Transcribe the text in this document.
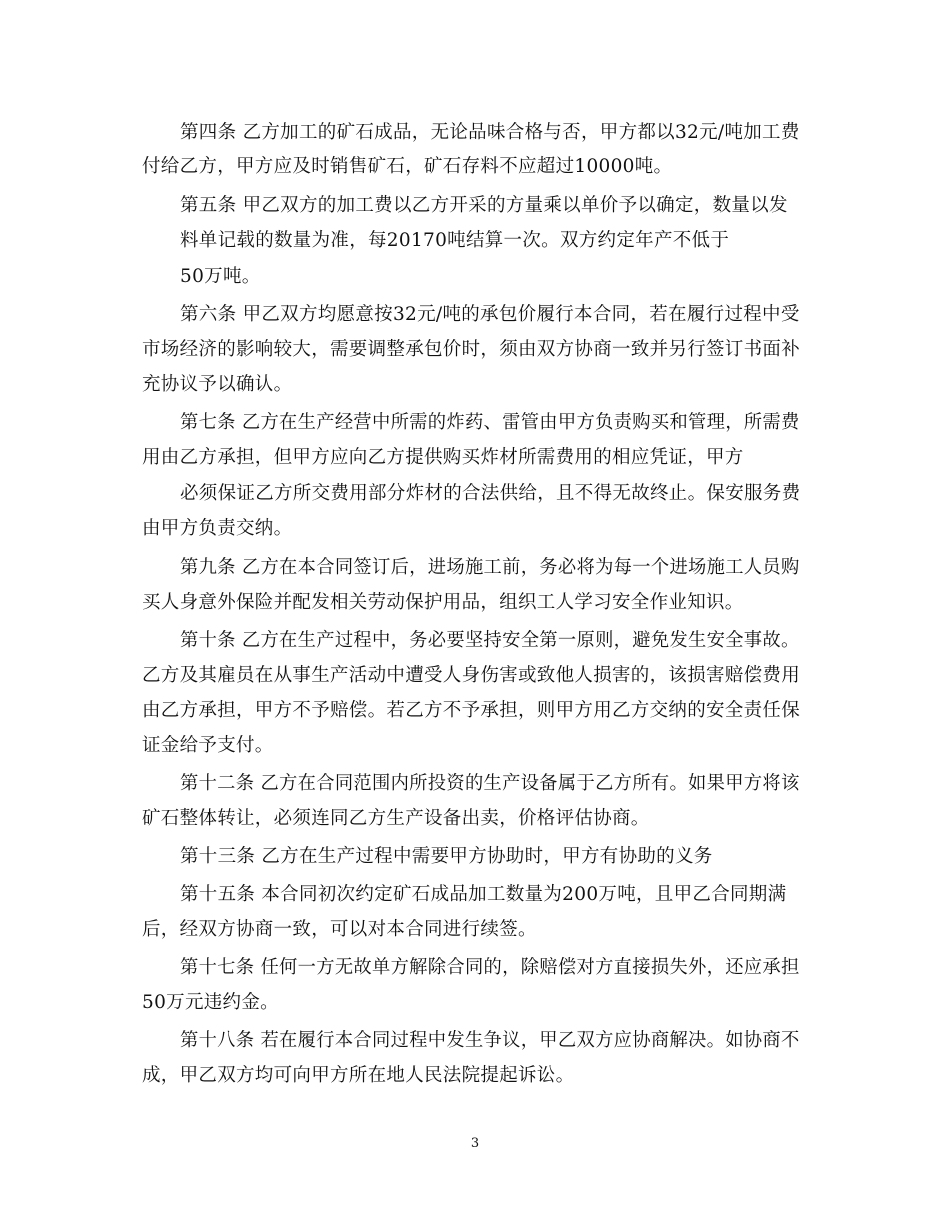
第四条 乙方加工的矿石成品，无论品味合格与否，甲方都以32元/吨加工费
付给乙方，甲方应及时销售矿石，矿石存料不应超过10000吨。
第五条 甲乙双方的加工费以乙方开采的方量乘以单价予以确定，数量以发
料单记载的数量为准，每20170吨结算一次。双方约定年产不低于
50万吨。
第六条 甲乙双方均愿意按32元/吨的承包价履行本合同，若在履行过程中受
市场经济的影响较大，需要调整承包价时，须由双方协商一致并另行签订书面补
充协议予以确认。
第七条 乙方在生产经营中所需的炸药、雷管由甲方负责购买和管理，所需费
用由乙方承担，但甲方应向乙方提供购买炸材所需费用的相应凭证，甲方
必须保证乙方所交费用部分炸材的合法供给，且不得无故终止。保安服务费
由甲方负责交纳。
第九条 乙方在本合同签订后，进场施工前，务必将为每一个进场施工人员购
买人身意外保险并配发相关劳动保护用品，组织工人学习安全作业知识。
第十条 乙方在生产过程中，务必要坚持安全第一原则，避免发生安全事故。
乙方及其雇员在从事生产活动中遭受人身伤害或致他人损害的，该损害赔偿费用
由乙方承担，甲方不予赔偿。若乙方不予承担，则甲方用乙方交纳的安全责任保
证金给予支付。
第十二条 乙方在合同范围内所投资的生产设备属于乙方所有。如果甲方将该
矿石整体转让，必须连同乙方生产设备出卖，价格评估协商。
第十三条 乙方在生产过程中需要甲方协助时，甲方有协助的义务
第十五条 本合同初次约定矿石成品加工数量为200万吨，且甲乙合同期满
后，经双方协商一致，可以对本合同进行续签。
第十七条 任何一方无故单方解除合同的，除赔偿对方直接损失外，还应承担
50万元违约金。
第十八条 若在履行本合同过程中发生争议，甲乙双方应协商解决。如协商不
成，甲乙双方均可向甲方所在地人民法院提起诉讼。
3
